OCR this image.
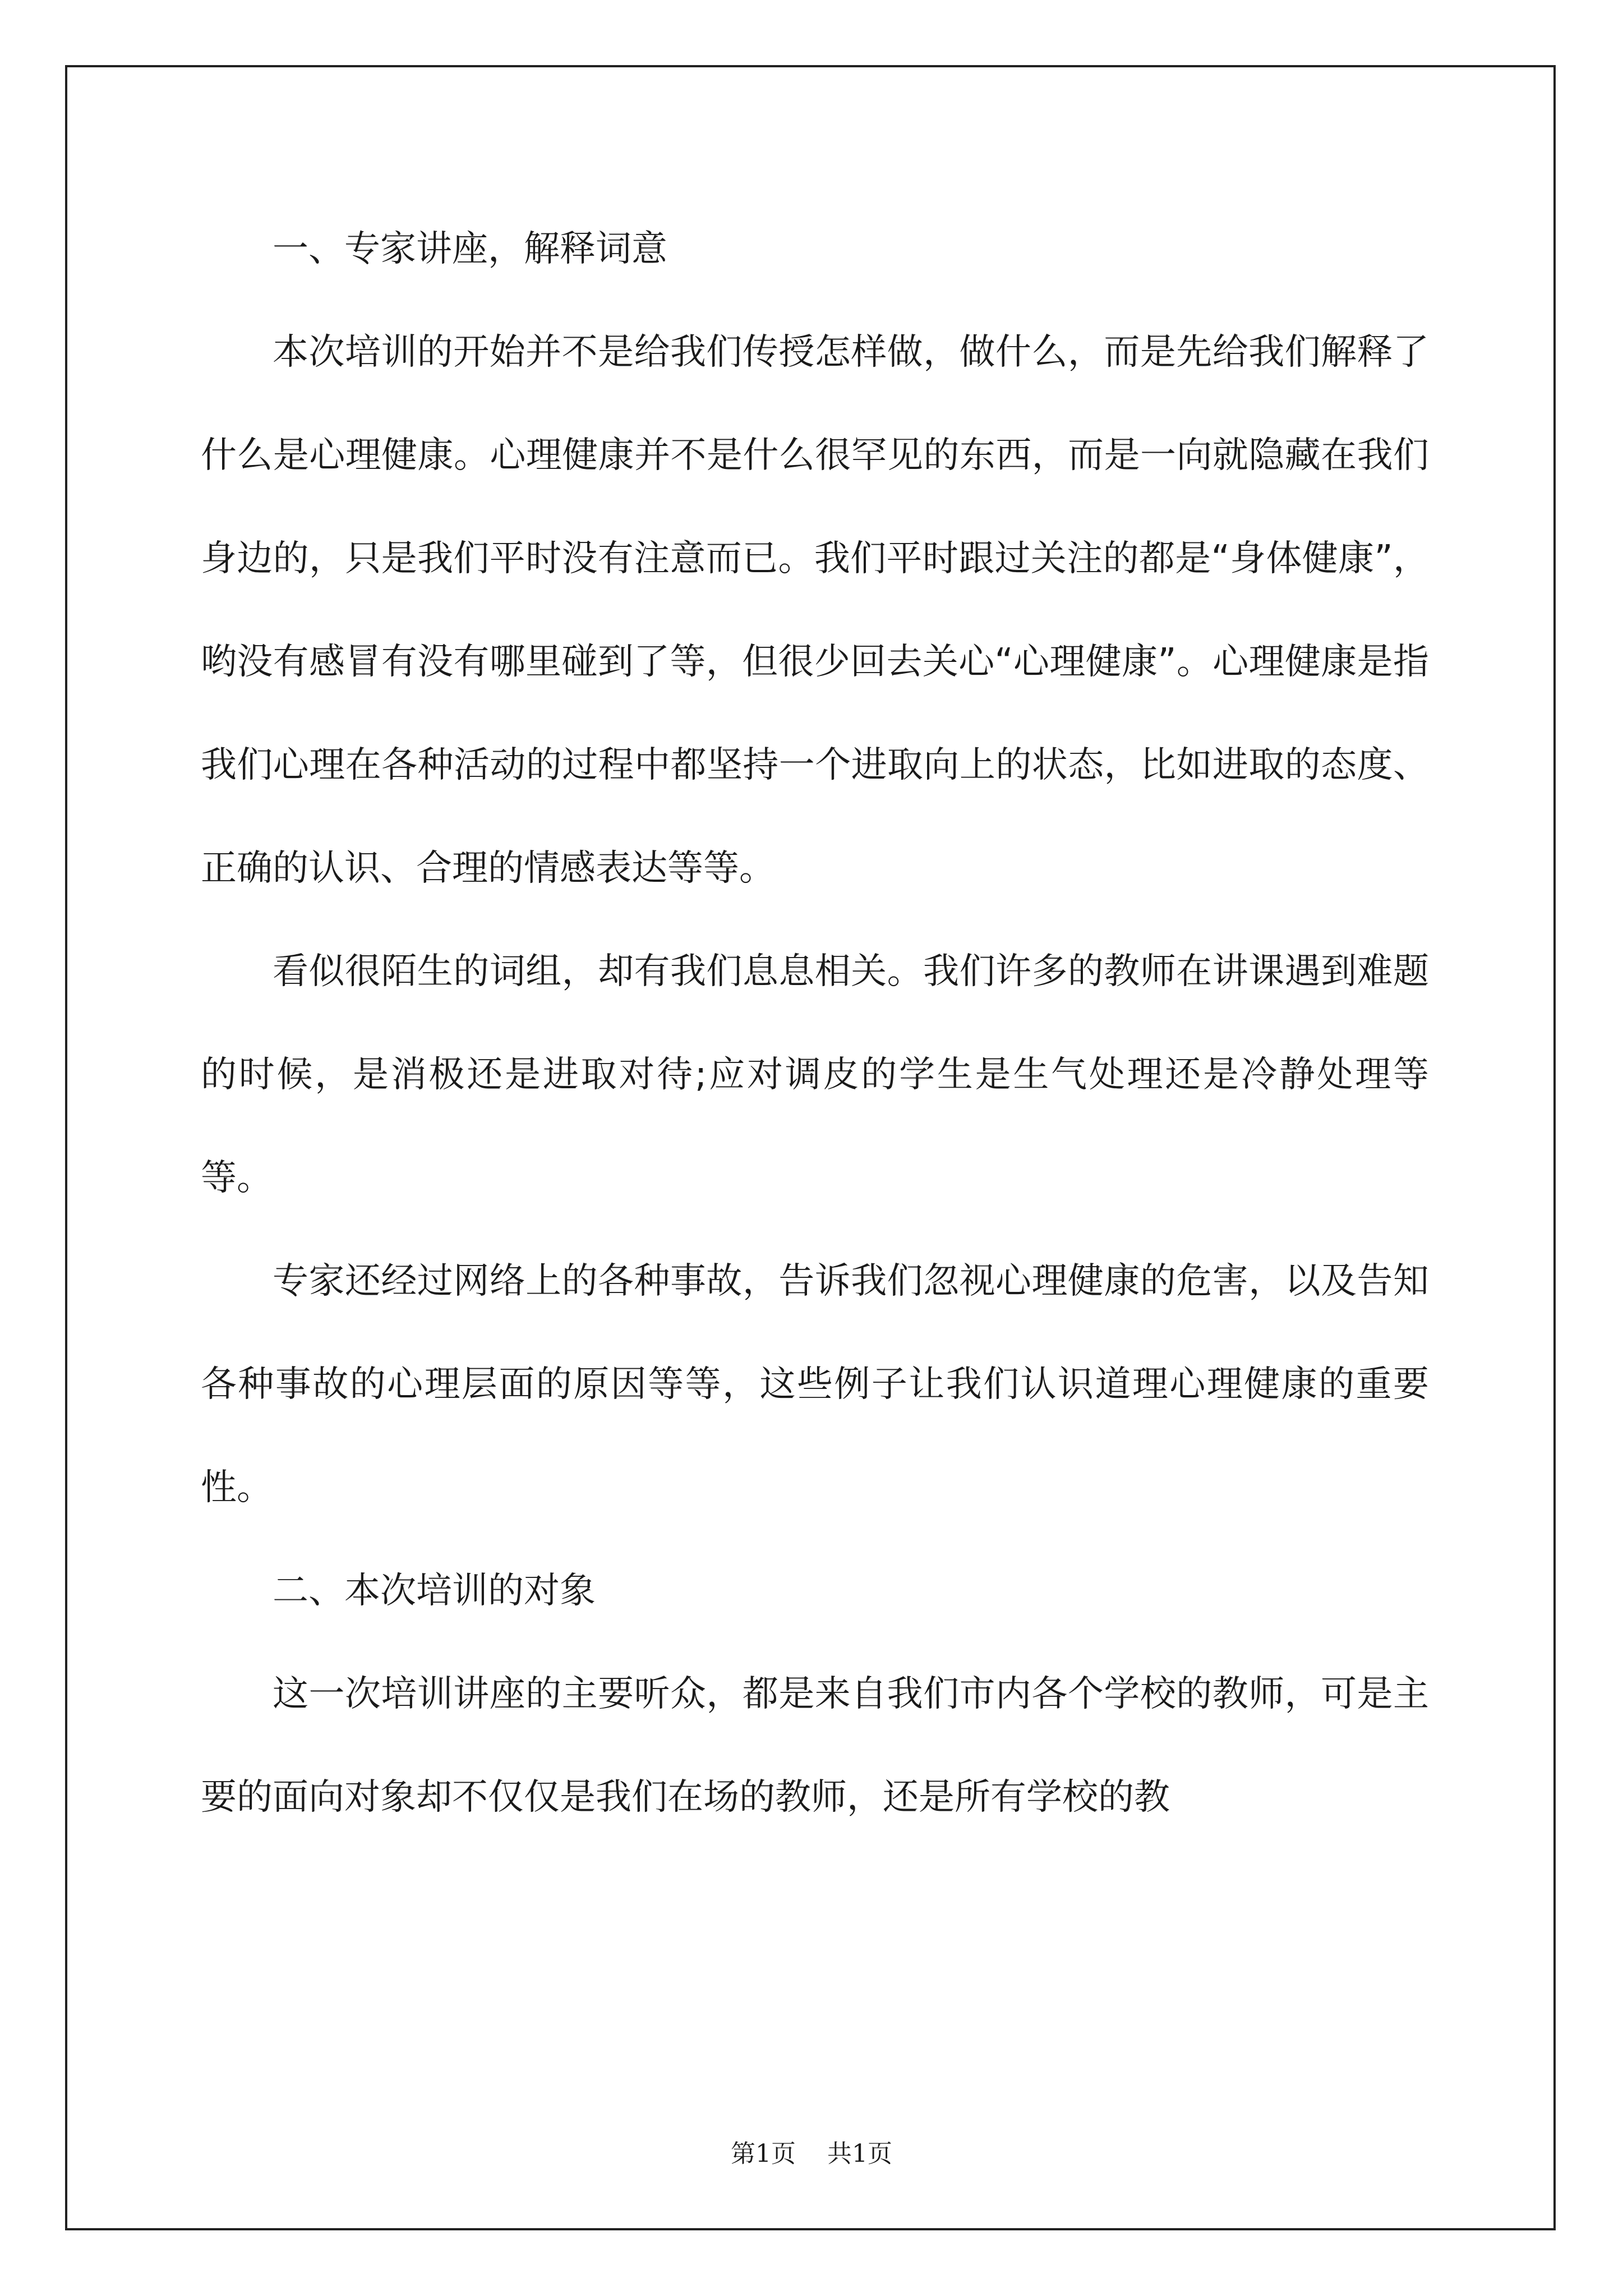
一、专家讲座，解释词意

本次培训的开始并不是给我们传授怎样做，做什么，而是先给我们解释了什么是心理健康。心理健康并不是什么很罕见的东西，而是一向就隐藏在我们身边的，只是我们平时没有注意而已。我们平时跟过关注的都是“身体健康”，哟没有感冒有没有哪里碰到了等，但很少回去关心“心理健康”。心理健康是指我们心理在各种活动的过程中都坚持一个进取向上的状态，比如进取的态度、正确的认识、合理的情感表达等等。

看似很陌生的词组，却有我们息息相关。我们许多的教师在讲课遇到难题的时候，是消极还是进取对待;应对调皮的学生是生气处理还是冷静处理等等。

专家还经过网络上的各种事故，告诉我们忽视心理健康的危害，以及告知各种事故的心理层面的原因等等，这些例子让我们认识道理心理健康的重要性。

二、本次培训的对象

这一次培训讲座的主要听众，都是来自我们市内各个学校的教师，可是主要的面向对象却不仅仅是我们在场的教师，还是所有学校的教

第1页 共1页
